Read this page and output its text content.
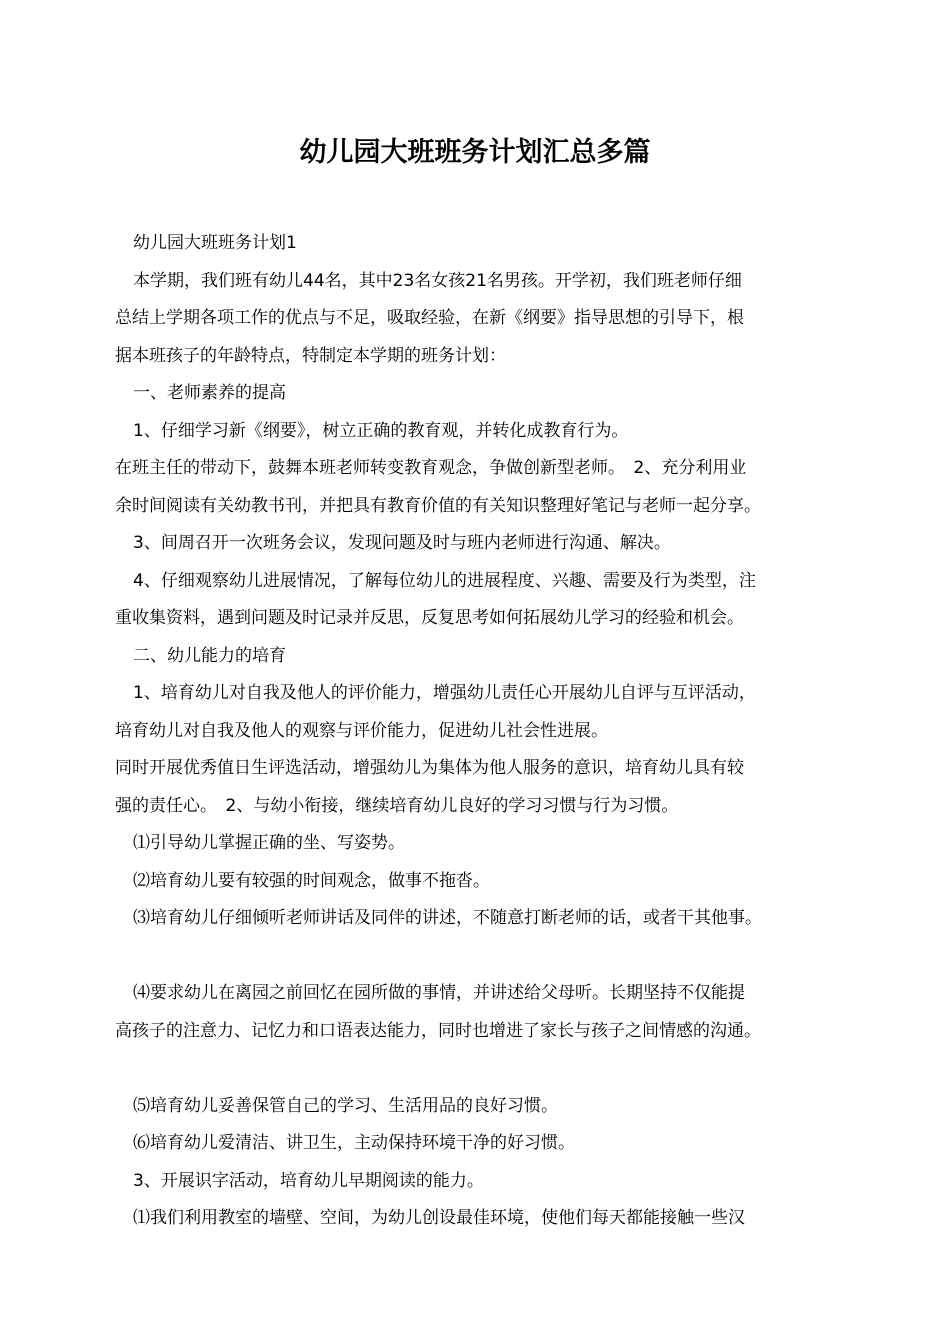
幼儿园大班班务计划汇总多篇
幼儿园大班班务计划1
本学期，我们班有幼儿44名，其中23名女孩21名男孩。开学初，我们班老师仔细
总结上学期各项工作的优点与不足，吸取经验，在新《纲要》指导思想的引导下，根
据本班孩子的年龄特点，特制定本学期的班务计划：
一、老师素养的提高
1、仔细学习新《纲要》，树立正确的教育观，并转化成教育行为。
在班主任的带动下，鼓舞本班老师转变教育观念，争做创新型老师。　2、充分利用业
余时间阅读有关幼教书刊，并把具有教育价值的有关知识整理好笔记与老师一起分享。
3、间周召开一次班务会议，发现问题及时与班内老师进行沟通、解决。
4、仔细观察幼儿进展情况，了解每位幼儿的进展程度、兴趣、需要及行为类型，注
重收集资料，遇到问题及时记录并反思，反复思考如何拓展幼儿学习的经验和机会。
二、幼儿能力的培育
1、培育幼儿对自我及他人的评价能力，增强幼儿责任心开展幼儿自评与互评活动，
培育幼儿对自我及他人的观察与评价能力，促进幼儿社会性进展。
同时开展优秀值日生评选活动，增强幼儿为集体为他人服务的意识，培育幼儿具有较
强的责任心。　2、与幼小衔接，继续培育幼儿良好的学习习惯与行为习惯。
⑴引导幼儿掌握正确的坐、写姿势。
⑵培育幼儿要有较强的时间观念，做事不拖沓。
⑶培育幼儿仔细倾听老师讲话及同伴的讲述，不随意打断老师的话，或者干其他事。
⑷要求幼儿在离园之前回忆在园所做的事情，并讲述给父母听。长期坚持不仅能提
高孩子的注意力、记忆力和口语表达能力，同时也增进了家长与孩子之间情感的沟通。
⑸培育幼儿妥善保管自己的学习、生活用品的良好习惯。
⑹培育幼儿爱清洁、讲卫生，主动保持环境干净的好习惯。
3、开展识字活动，培育幼儿早期阅读的能力。
⑴我们利用教室的墙壁、空间，为幼儿创设最佳环境，使他们每天都能接触一些汉
